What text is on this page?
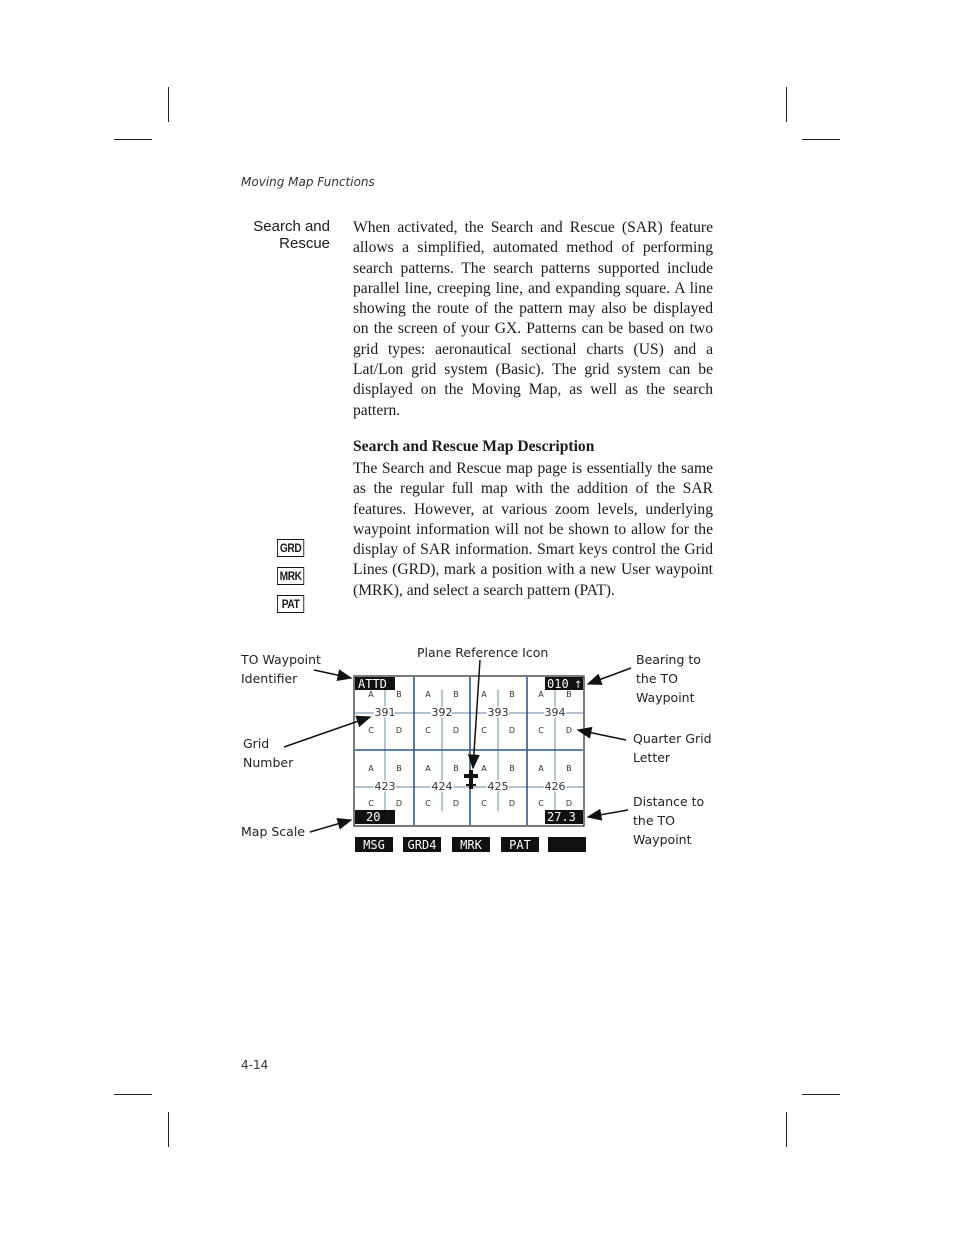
Moving Map Functions
Search and Rescue

When activated, the Search and Rescue (SAR) feature allows a simplified, automated method of performing search patterns. The search patterns supported include parallel line, creeping line, and expanding square. A line showing the route of the pattern may also be displayed on the screen of your GX. Patterns can be based on two grid types: aeronautical sectional charts (US) and a Lat/Lon grid system (Basic). The grid system can be displayed on the Moving Map, as well as the search pattern.

Search and Rescue Map Description

The Search and Rescue map page is essentially the same as the regular full map with the addition of the SAR features. However, at various zoom levels, underlying waypoint information will not be shown to allow for the display of SAR information. Smart keys control the Grid Lines (GRD), mark a position with a new User waypoint (MRK), and select a search pattern (PAT).

GRD
MRK
PAT
TO Waypoint
Identifier
Plane Reference Icon	Bearing to
the TO
Waypoint
Grid
Number
Quarter Grid
Letter
Distance to
the TO
Waypoint
Map Scale
A	B
C	D
391
A	B
C	D
423
A	B
C	D
392
A	B
C	D
424
A	B
C	D
393
A	B
C	D
425
A	B
C	D
394
A	B
C	D
426
ATTD	010 ↑
20	27.3
MSG GRD4 MRK PAT
4-14
